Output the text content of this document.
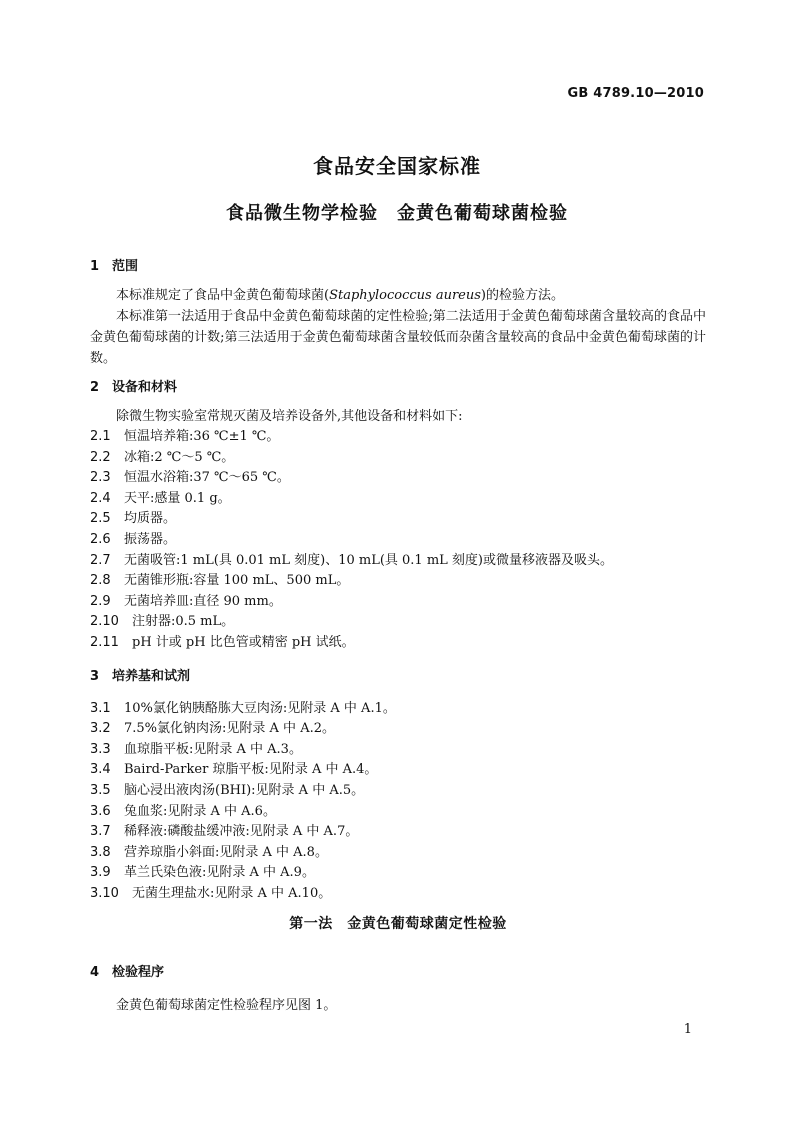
GB 4789.10—2010
食品安全国家标准
食品微生物学检验　金黄色葡萄球菌检验
1 范围

本标准规定了食品中金黄色葡萄球菌(Staphylococcus aureus)的检验方法。

本标准第一法适用于食品中金黄色葡萄球菌的定性检验;第二法适用于金黄色葡萄球菌含量较高的食品中金黄色葡萄球菌的计数;第三法适用于金黄色葡萄球菌含量较低而杂菌含量较高的食品中金黄色葡萄球菌的计数。

2 设备和材料

除微生物实验室常规灭菌及培养设备外,其他设备和材料如下:

2.1	恒温培养箱:36 ℃±1 ℃。
2.2	冰箱:2 ℃～5 ℃。
2.3	恒温水浴箱:37 ℃～65 ℃。
2.4	天平:感量 0.1 g。
2.5	均质器。
2.6	振荡器。
2.7	无菌吸管:1 mL(具 0.01 mL 刻度)、10 mL(具 0.1 mL 刻度)或微量移液器及吸头。
2.8	无菌锥形瓶:容量 100 mL、500 mL。
2.9	无菌培养皿:直径 90 mm。
2.10	注射器:0.5 mL。
2.11	pH 计或 pH 比色管或精密 pH 试纸。
3 培养基和试剂
3.1	10%氯化钠胰酪胨大豆肉汤:见附录 A 中 A.1。
3.2	7.5%氯化钠肉汤:见附录 A 中 A.2。
3.3	血琼脂平板:见附录 A 中 A.3。
3.4	Baird-Parker 琼脂平板:见附录 A 中 A.4。
3.5	脑心浸出液肉汤(BHI):见附录 A 中 A.5。
3.6	兔血浆:见附录 A 中 A.6。
3.7	稀释液:磷酸盐缓冲液:见附录 A 中 A.7。
3.8	营养琼脂小斜面:见附录 A 中 A.8。
3.9	革兰氏染色液:见附录 A 中 A.9。
3.10	无菌生理盐水:见附录 A 中 A.10。
第一法　金黄色葡萄球菌定性检验
4 检验程序

金黄色葡萄球菌定性检验程序见图 1。

1
